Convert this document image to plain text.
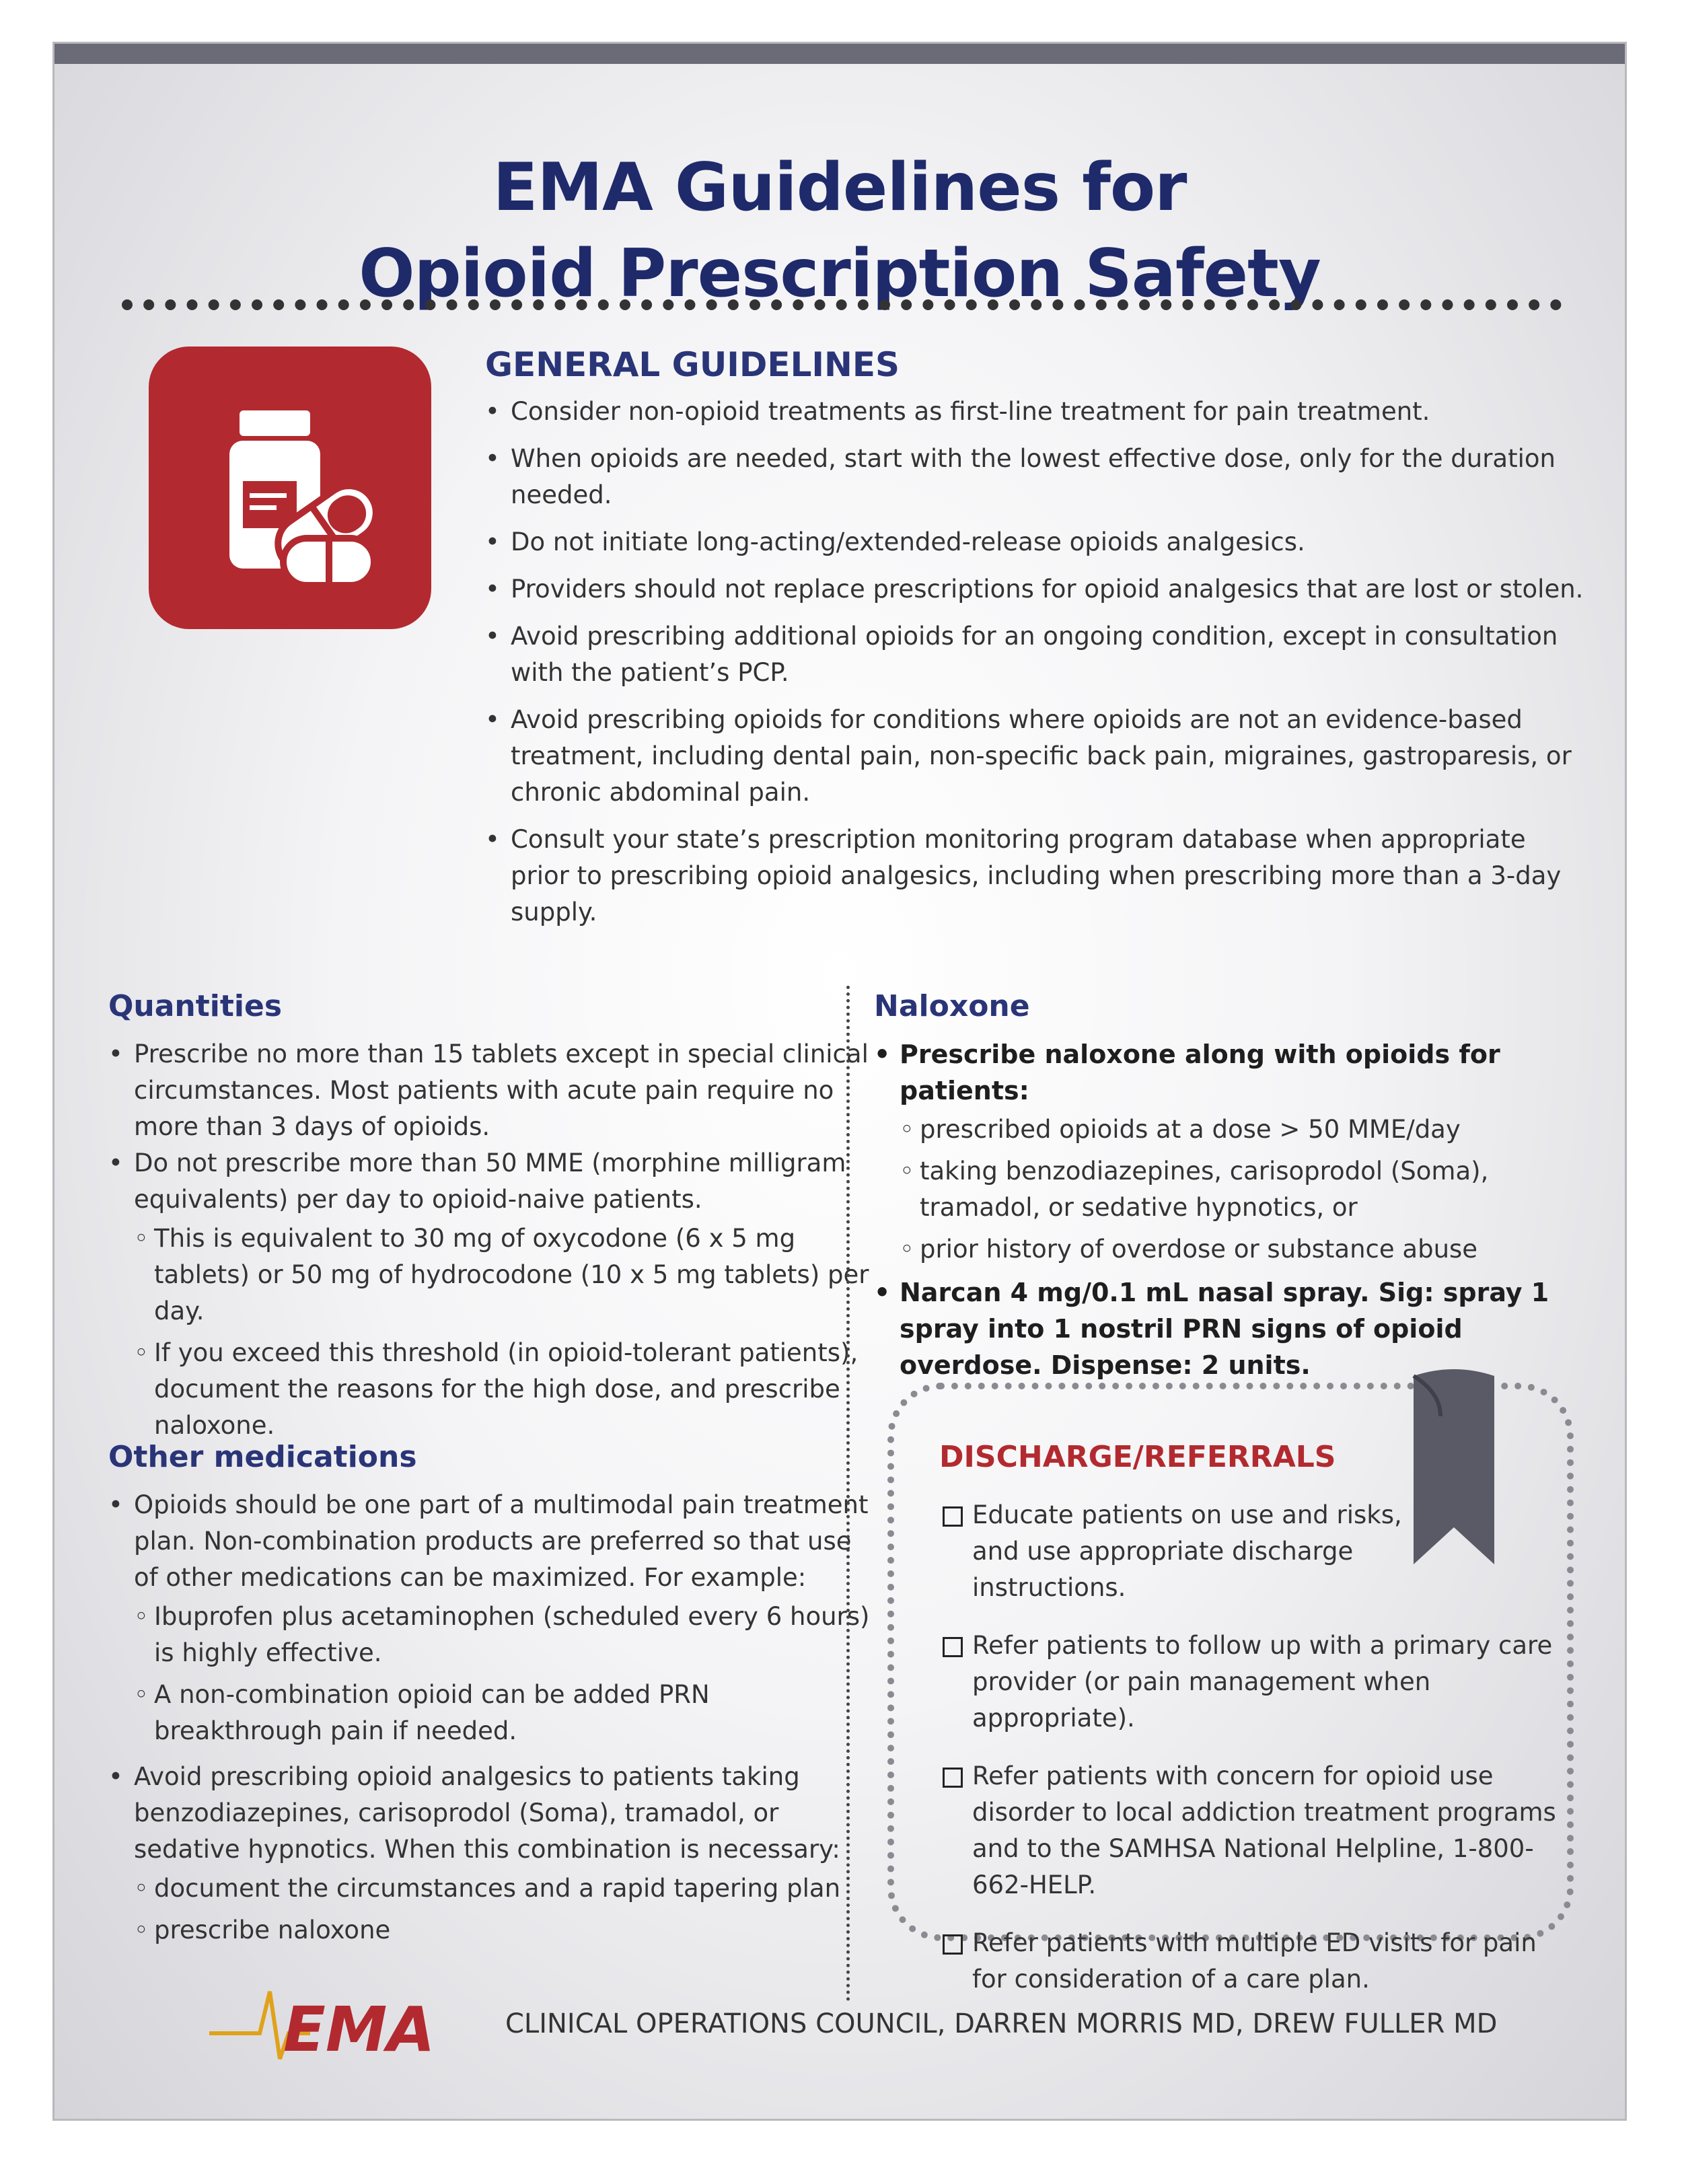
EMA Guidelines for
Opioid Prescription Safety
GENERAL GUIDELINES
• Consider non-opioid treatments as first-line treatment for pain treatment.
• When opioids are needed, start with the lowest effective dose, only for the duration needed.
• Do not initiate long-acting/extended-release opioids analgesics.
• Providers should not replace prescriptions for opioid analgesics that are lost or stolen.
• Avoid prescribing additional opioids for an ongoing condition, except in consultation with the patient’s PCP.
• Avoid prescribing opioids for conditions where opioids are not an evidence-based treatment, including dental pain, non-specific back pain, migraines, gastroparesis, or chronic abdominal pain.
• Consult your state’s prescription monitoring program database when appropriate prior to prescribing opioid analgesics, including when prescribing more than a 3-day supply.
Quantities
• Prescribe no more than 15 tablets except in special clinical circumstances. Most patients with acute pain require no more than 3 days of opioids.
• Do not prescribe more than 50 MME (morphine milligram equivalents) per day to opioid-naive patients.
◦ This is equivalent to 30 mg of oxycodone (6 x 5 mg tablets) or 50 mg of hydrocodone (10 x 5 mg tablets) per day.
◦ If you exceed this threshold (in opioid-tolerant patients), document the reasons for the high dose, and prescribe naloxone.
Other medications
• Opioids should be one part of a multimodal pain treatment plan. Non-combination products are preferred so that use of other medications can be maximized. For example:
◦ Ibuprofen plus acetaminophen (scheduled every 6 hours) is highly effective.
◦ A non-combination opioid can be added PRN breakthrough pain if needed.
• Avoid prescribing opioid analgesics to patients taking benzodiazepines, carisoprodol (Soma), tramadol, or sedative hypnotics. When this combination is necessary:
◦ document the circumstances and a rapid tapering plan
◦ prescribe naloxone
Naloxone
• Prescribe naloxone along with opioids for patients:
◦ prescribed opioids at a dose > 50 MME/day
◦ taking benzodiazepines, carisoprodol (Soma), tramadol, or sedative hypnotics, or
◦ prior history of overdose or substance abuse
• Narcan 4 mg/0.1 mL nasal spray. Sig: spray 1 spray into 1 nostril PRN signs of opioid overdose. Dispense: 2 units.
DISCHARGE/REFERRALS
Educate patients on use and risks, and use appropriate discharge instructions.
Refer patients to follow up with a primary care provider (or pain management when appropriate).
Refer patients with concern for opioid use disorder to local addiction treatment programs and to the SAMHSA National Helpline, 1-800-662-HELP.
Refer patients with multiple ED visits for pain for consideration of a care plan.
EMA	CLINICAL OPERATIONS COUNCIL, DARREN MORRIS MD, DREW FULLER MD
